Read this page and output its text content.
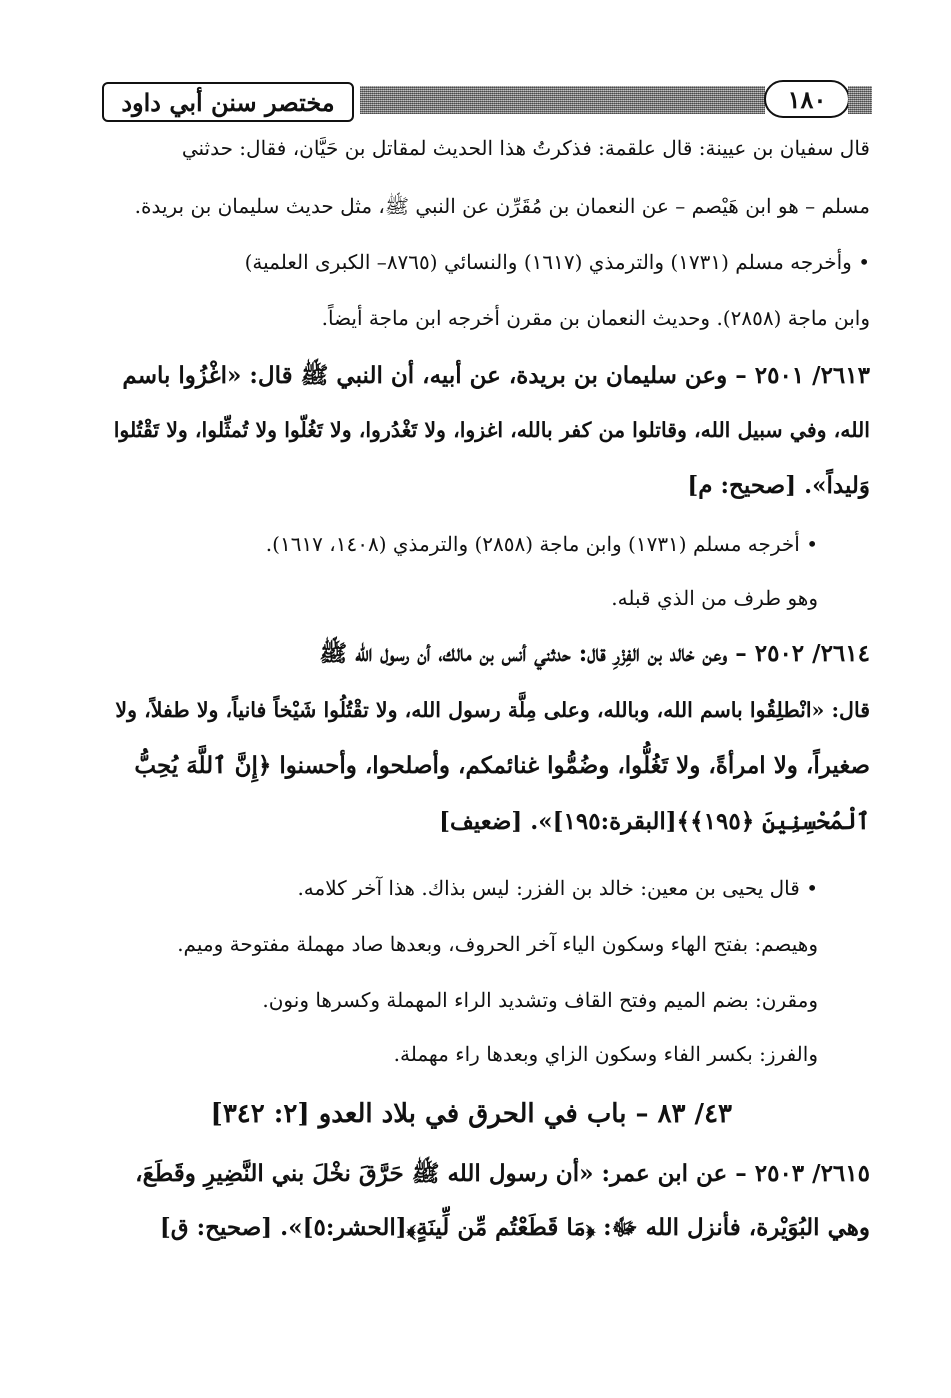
مختصر سنن أبي داود	١٨٠
قال سفيان بن عيينة: قال علقمة: فذكرتُ هذا الحديث لمقاتل بن حَيَّان، فقال: حدثني
مسلم – هو ابن هَيْصم – عن النعمان بن مُقَرِّن عن النبي ﷺ، مثل حديث سليمان بن بريدة.
• وأخرجه مسلم (١٧٣١) والترمذي (١٦١٧) والنسائي (٨٧٦٥– الكبرى العلمية)
وابن ماجة (٢٨٥٨). وحديث النعمان بن مقرن أخرجه ابن ماجة أيضاً.
٢٦١٣/ ٢٥٠١ – وعن سليمان بن بريدة، عن أبيه، أن النبي ﷺ قال: «اغْزُوا باسم
الله، وفي سبيل الله، وقاتلوا من كفر بالله، اغزوا، ولا تَغْدُروا، ولا تَغُلّوا ولا تُمثِّلوا، ولا تَقْتُلوا
وَليداً». [صحيح: م]
• أخرجه مسلم (١٧٣١) وابن ماجة (٢٨٥٨) والترمذي (١٤٠٨، ١٦١٧).
وهو طرف من الذي قبله.
٢٦١٤/ ٢٥٠٢ – وعن خالد بن الفِزْرِ قال: حدثني أنس بن مالك، أن رسول الله ﷺ
قال: «انْطلِقُوا باسم الله، وبالله، وعلى مِلَّة رسول الله، ولا تقْتُلُوا شَيْخاً فانياً، ولا طفلاً، ولا
صغيراً، ولا امرأةً، ولا تَغُلُّوا، وضُمُّوا غنائمكم، وأصلحوا، وأحسنوا ﴿إِنَّ ٱللَّهَ يُحِبُّ
ٱلْمُحْسِنِينَ ﴿١٩٥﴾﴾[البقرة:١٩٥]». [ضعيف]
• قال يحيى بن معين: خالد بن الفزر: ليس بذاك. هذا آخر كلامه.
وهيصم: بفتح الهاء وسكون الياء آخر الحروف، وبعدها صاد مهملة مفتوحة وميم.
ومقرن: بضم الميم وفتح القاف وتشديد الراء المهملة وكسرها ونون.
والفرز: بكسر الفاء وسكون الزاي وبعدها راء مهملة.
٤٣/ ٨٣ – باب في الحرق في بلاد العدو [٢: ٣٤٢]
٢٦١٥/ ٢٥٠٣ – عن ابن عمر: «أن رسول الله ﷺ حَرَّقَ نخْلَ بني النَّضِيرِ وقَطَعَ،
وهي البُوَيْرة، فأنزل الله ﷻ: ﴿مَا قَطَعْتُم مِّن لِّينَةٍ﴾[الحشر:٥]». [صحيح: ق]
